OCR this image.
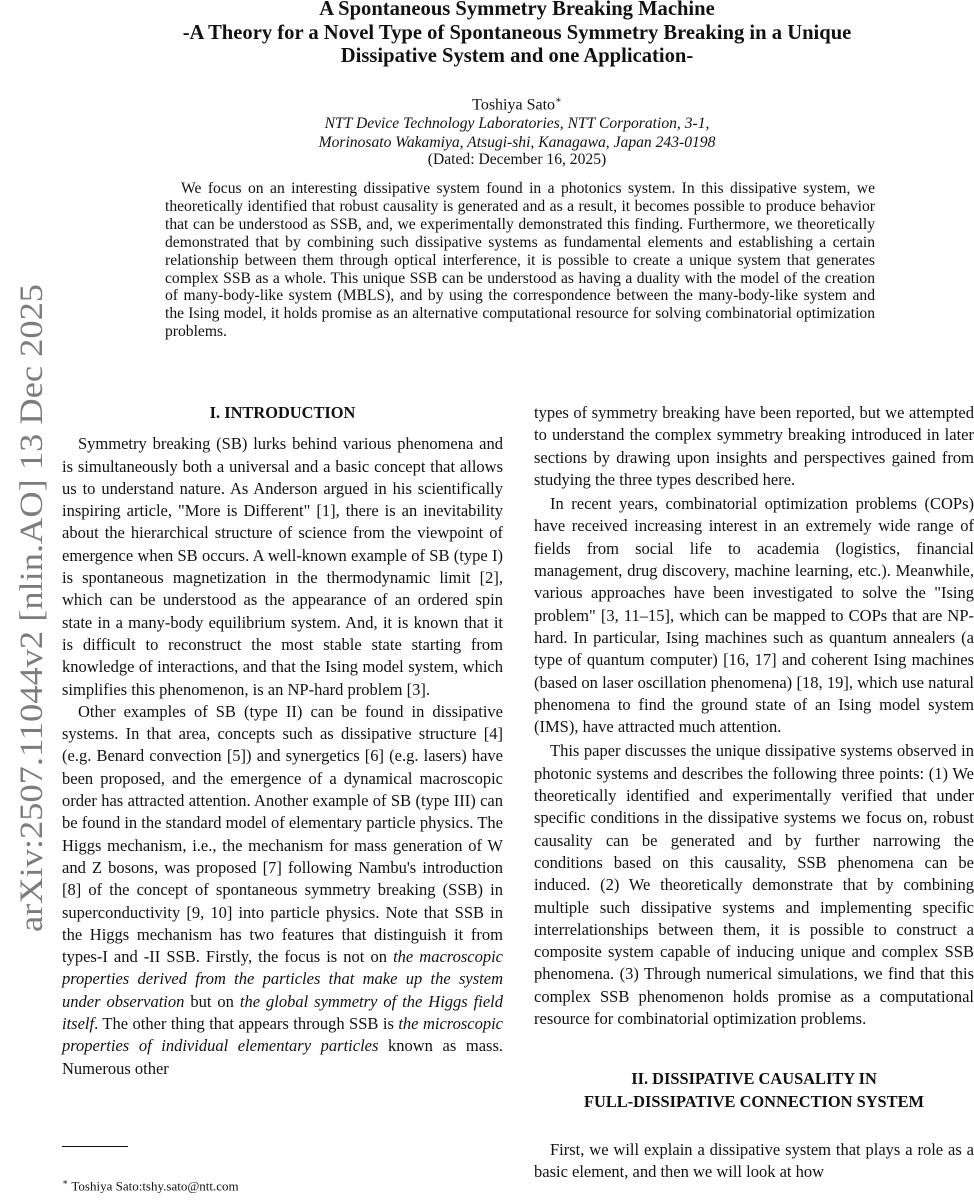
arXiv:2507.11044v2 [nlin.AO] 13 Dec 2025
A Spontaneous Symmetry Breaking Machine
-A Theory for a Novel Type of Spontaneous Symmetry Breaking in a Unique
Dissipative System and one Application-
Toshiya Sato∗
NTT Device Technology Laboratories, NTT Corporation, 3-1,
Morinosato Wakamiya, Atsugi-shi, Kanagawa, Japan 243-0198
(Dated: December 16, 2025)
We focus on an interesting dissipative system found in a photonics system. In this dissipative system, we theoretically identified that robust causality is generated and as a result, it becomes possible to produce behavior that can be understood as SSB, and, we experimentally demonstrated this finding. Furthermore, we theoretically demonstrated that by combining such dissipative systems as fundamental elements and establishing a certain relationship between them through optical interference, it is possible to create a unique system that generates complex SSB as a whole. This unique SSB can be understood as having a duality with the model of the creation of many-body-like system (MBLS), and by using the correspondence between the many-body-like system and the Ising model, it holds promise as an alternative computational resource for solving combinatorial optimization problems.
I. INTRODUCTION

Symmetry breaking (SB) lurks behind various phenomena and is simultaneously both a universal and a basic concept that allows us to understand nature. As Anderson argued in his scientifically inspiring article, "More is Different" [1], there is an inevitability about the hierarchical structure of science from the viewpoint of emergence when SB occurs. A well-known example of SB (type I) is spontaneous magnetization in the thermodynamic limit [2], which can be understood as the appearance of an ordered spin state in a many-body equilibrium system. And, it is known that it is difficult to reconstruct the most stable state starting from knowledge of interactions, and that the Ising model system, which simplifies this phenomenon, is an NP-hard problem [3].

Other examples of SB (type II) can be found in dissipative systems. In that area, concepts such as dissipative structure [4] (e.g. Benard convection [5]) and synergetics [6] (e.g. lasers) have been proposed, and the emergence of a dynamical macroscopic order has attracted attention. Another example of SB (type III) can be found in the standard model of elementary particle physics. The Higgs mechanism, i.e., the mechanism for mass generation of W and Z bosons, was proposed [7] following Nambu's introduction [8] of the concept of spontaneous symmetry breaking (SSB) in superconductivity [9, 10] into particle physics. Note that SSB in the Higgs mechanism has two features that distinguish it from types-I and -II SSB. Firstly, the focus is not on the macroscopic properties derived from the particles that make up the system under observation but on the global symmetry of the Higgs field itself. The other thing that appears through SSB is the microscopic properties of individual elementary particles known as mass. Numerous other

types of symmetry breaking have been reported, but we attempted to understand the complex symmetry breaking introduced in later sections by drawing upon insights and perspectives gained from studying the three types described here.

In recent years, combinatorial optimization problems (COPs) have received increasing interest in an extremely wide range of fields from social life to academia (logistics, financial management, drug discovery, machine learning, etc.). Meanwhile, various approaches have been investigated to solve the "Ising problem" [3, 11–15], which can be mapped to COPs that are NP-hard. In particular, Ising machines such as quantum annealers (a type of quantum computer) [16, 17] and coherent Ising machines (based on laser oscillation phenomena) [18, 19], which use natural phenomena to find the ground state of an Ising model system (IMS), have attracted much attention.

This paper discusses the unique dissipative systems observed in photonic systems and describes the following three points: (1) We theoretically identified and experimentally verified that under specific conditions in the dissipative systems we focus on, robust causality can be generated and by further narrowing the conditions based on this causality, SSB phenomena can be induced. (2) We theoretically demonstrate that by combining multiple such dissipative systems and implementing specific interrelationships between them, it is possible to construct a composite system capable of inducing unique and complex SSB phenomena. (3) Through numerical simulations, we find that this complex SSB phenomenon holds promise as a computational resource for combinatorial optimization problems.

II. DISSIPATIVE CAUSALITY IN
FULL-DISSIPATIVE CONNECTION SYSTEM

First, we will explain a dissipative system that plays a role as a basic element, and then we will look at how

∗ Toshiya Sato:tshy.sato@ntt.com
